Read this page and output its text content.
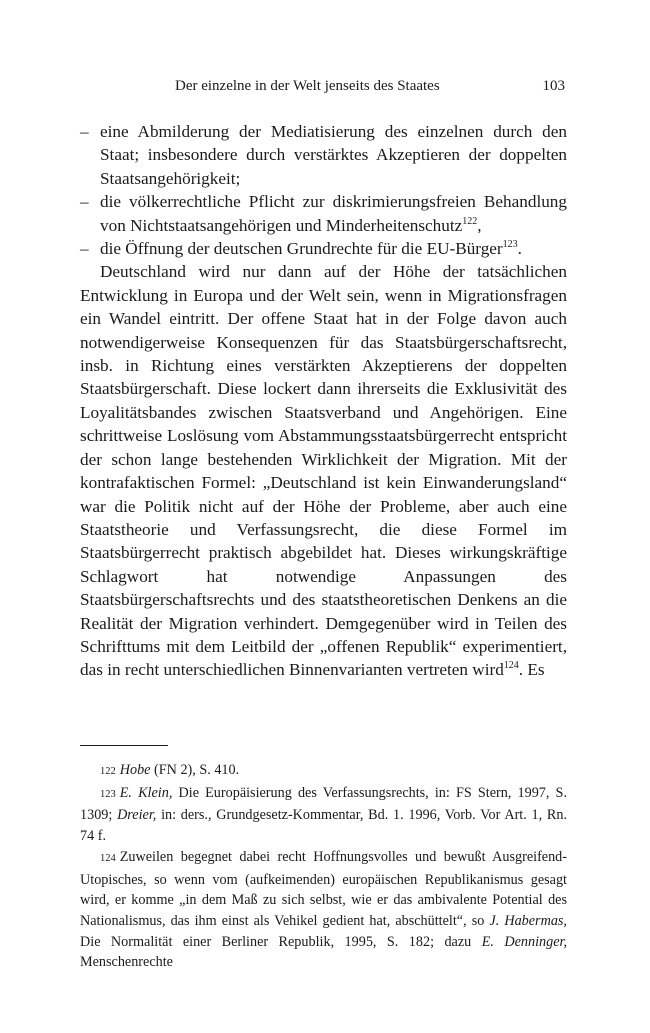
Der einzelne in der Welt jenseits des Staates	103

– eine Abmilderung der Mediatisierung des einzelnen durch den Staat; insbesondere durch verstärktes Akzeptieren der doppelten Staatsangehörigkeit;

– die völkerrechtliche Pflicht zur diskrimierungsfreien Behandlung von Nichtstaatsangehörigen und Minderheitenschutz$^{122}$,

– die Öffnung der deutschen Grundrechte für die EU-Bürger$^{123}$.

Deutschland wird nur dann auf der Höhe der tatsächlichen Entwicklung in Europa und der Welt sein, wenn in Migrationsfragen ein Wandel eintritt. Der offene Staat hat in der Folge davon auch notwendigerweise Konsequenzen für das Staatsbürgerschaftsrecht, insb. in Richtung eines verstärkten Akzeptierens der doppelten Staatsbürgerschaft. Diese lockert dann ihrerseits die Exklusivität des Loyalitätsbandes zwischen Staatsverband und Angehörigen. Eine schrittweise Loslösung vom Abstammungsstaatsbürgerrecht entspricht der schon lange bestehenden Wirklichkeit der Migration. Mit der kontrafaktischen Formel: „Deutschland ist kein Einwanderungsland“ war die Politik nicht auf der Höhe der Probleme, aber auch eine Staatstheorie und Verfassungsrecht, die diese Formel im Staatsbürgerrecht praktisch abgebildet hat. Dieses wirkungskräftige Schlagwort hat notwendige Anpassungen des Staatsbürgerschaftsrechts und des staatstheoretischen Denkens an die Realität der Migration verhindert. Demgegenüber wird in Teilen des Schrifttums mit dem Leitbild der „offenen Republik“ experimentiert, das in recht unterschiedlichen Binnenvarianten vertreten wird$^{124}$. Es

122 Hobe (FN 2), S. 410.

123 E. Klein, Die Europäisierung des Verfassungsrechts, in: FS Stern, 1997, S. 1309; Dreier, in: ders., Grundgesetz-Kommentar, Bd. 1. 1996, Vorb. Vor Art. 1, Rn. 74 f.

124 Zuweilen begegnet dabei recht Hoffnungsvolles und bewußt Ausgreifend-Utopisches, so wenn vom (aufkeimenden) europäischen Republikanismus gesagt wird, er komme „in dem Maß zu sich selbst, wie er das ambivalente Potential des Nationalismus, das ihm einst als Vehikel gedient hat, abschüttelt“, so J. Habermas, Die Normalität einer Berliner Republik, 1995, S. 182; dazu E. Denninger, Menschenrechte
